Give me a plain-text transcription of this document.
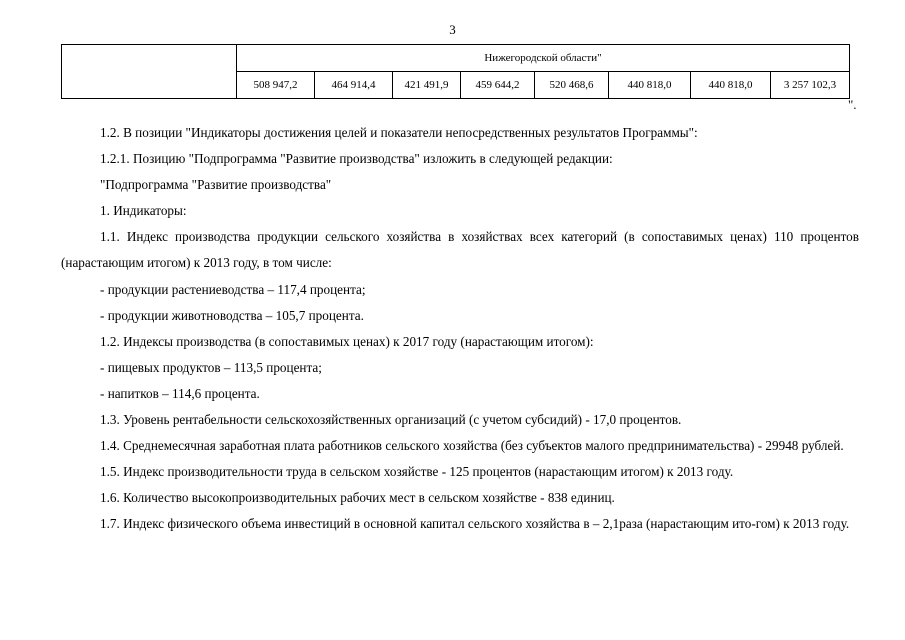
3
	Нижегородской области"							
	508 947,2	464 914,4	421 491,9	459 644,2	520 468,6	440 818,0	440 818,0	3 257 102,3
".

1.2. В позиции "Индикаторы достижения целей и показатели непосредственных результатов Программы":

1.2.1. Позицию "Подпрограмма "Развитие производства" изложить в следующей редакции:

"Подпрограмма "Развитие производства"

1. Индикаторы:

1.1. Индекс производства продукции сельского хозяйства в хозяйствах всех категорий (в сопоставимых ценах) 110 процентов (нарастающим итогом) к 2013 году, в том числе:

- продукции растениеводства – 117,4 процента;

- продукции животноводства – 105,7 процента.

1.2. Индексы производства (в сопоставимых ценах) к 2017 году (нарастающим итогом):

- пищевых продуктов – 113,5 процента;

- напитков – 114,6 процента.

1.3. Уровень рентабельности сельскохозяйственных организаций (с учетом субсидий) - 17,0 процентов.

1.4. Среднемесячная заработная плата работников сельского хозяйства (без субъектов малого предпринимательства) - 29948 рублей.

1.5. Индекс производительности труда в сельском хозяйстве - 125 процентов (нарастающим итогом) к 2013 году.

1.6. Количество высокопроизводительных рабочих мест в сельском хозяйстве - 838 единиц.

1.7. Индекс физического объема инвестиций в основной капитал сельского хозяйства в – 2,1раза (нарастающим ито-гом) к 2013 году.
